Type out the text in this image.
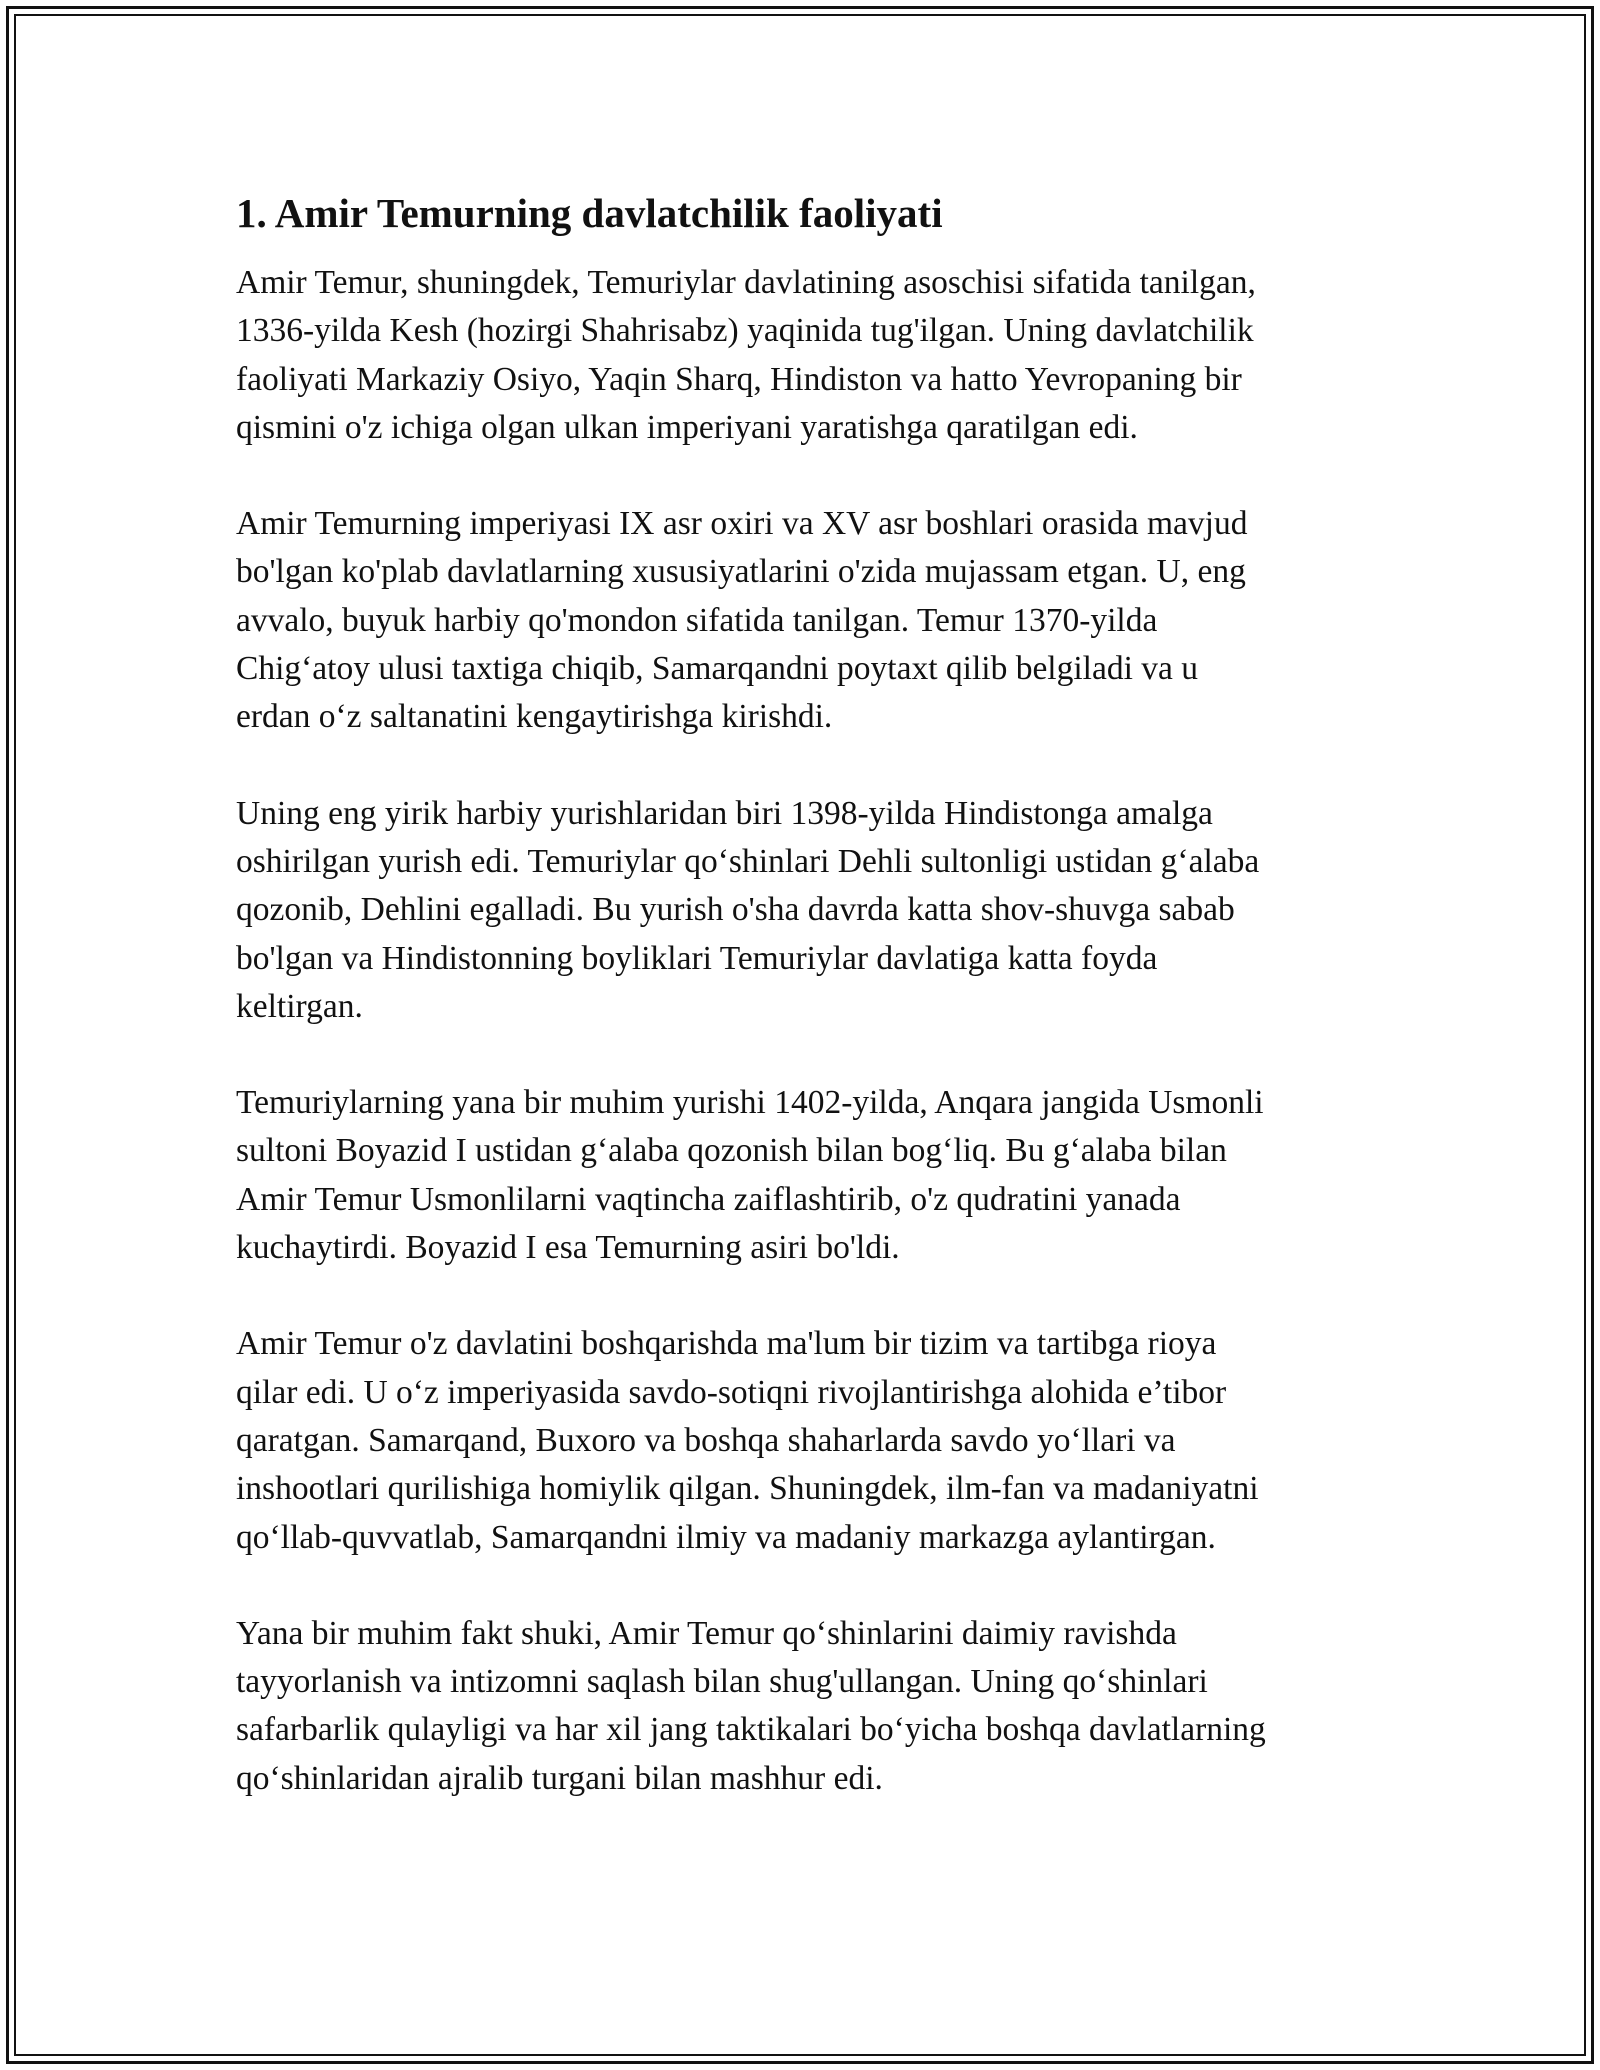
1. Amir Temurning davlatchilik faoliyati

Amir Temur, shuningdek, Temuriylar davlatining asoschisi sifatida tanilgan,
1336-yilda Kesh (hozirgi Shahrisabz) yaqinida tug'ilgan. Uning davlatchilik
faoliyati Markaziy Osiyo, Yaqin Sharq, Hindiston va hatto Yevropaning bir
qismini o'z ichiga olgan ulkan imperiyani yaratishga qaratilgan edi.

Amir Temurning imperiyasi IX asr oxiri va XV asr boshlari orasida mavjud
bo'lgan ko'plab davlatlarning xususiyatlarini o'zida mujassam etgan. U, eng
avvalo, buyuk harbiy qo'mondon sifatida tanilgan. Temur 1370-yilda
Chig‘atoy ulusi taxtiga chiqib, Samarqandni poytaxt qilib belgiladi va u
erdan o‘z saltanatini kengaytirishga kirishdi.

Uning eng yirik harbiy yurishlaridan biri 1398-yilda Hindistonga amalga
oshirilgan yurish edi. Temuriylar qo‘shinlari Dehli sultonligi ustidan g‘alaba
qozonib, Dehlini egalladi. Bu yurish o'sha davrda katta shov-shuvga sabab
bo'lgan va Hindistonning boyliklari Temuriylar davlatiga katta foyda
keltirgan.

Temuriylarning yana bir muhim yurishi 1402-yilda, Anqara jangida Usmonli
sultoni Boyazid I ustidan g‘alaba qozonish bilan bog‘liq. Bu g‘alaba bilan
Amir Temur Usmonlilarni vaqtincha zaiflashtirib, o'z qudratini yanada
kuchaytirdi. Boyazid I esa Temurning asiri bo'ldi.

Amir Temur o'z davlatini boshqarishda ma'lum bir tizim va tartibga rioya
qilar edi. U o‘z imperiyasida savdo-sotiqni rivojlantirishga alohida e’tibor
qaratgan. Samarqand, Buxoro va boshqa shaharlarda savdo yo‘llari va
inshootlari qurilishiga homiylik qilgan. Shuningdek, ilm-fan va madaniyatni
qo‘llab-quvvatlab, Samarqandni ilmiy va madaniy markazga aylantirgan.

Yana bir muhim fakt shuki, Amir Temur qo‘shinlarini daimiy ravishda
tayyorlanish va intizomni saqlash bilan shug'ullangan. Uning qo‘shinlari
safarbarlik qulayligi va har xil jang taktikalari bo‘yicha boshqa davlatlarning
qo‘shinlaridan ajralib turgani bilan mashhur edi.
